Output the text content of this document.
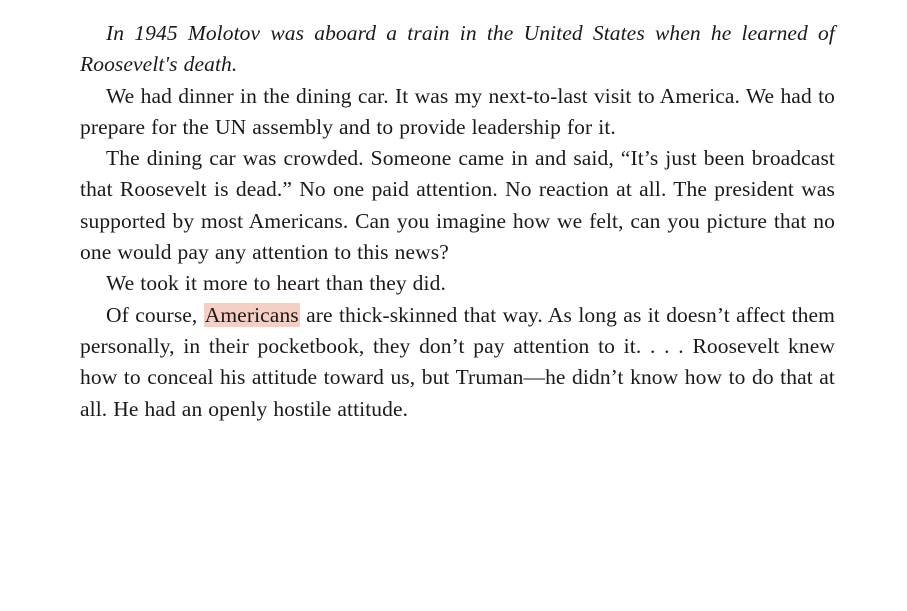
In 1945 Molotov was aboard a train in the United States when he learned of Roosevelt's death.

We had dinner in the dining car. It was my next-to-last visit to America. We had to prepare for the UN assembly and to provide leadership for it.

The dining car was crowded. Someone came in and said, “It’s just been broadcast that Roosevelt is dead.” No one paid attention. No reaction at all. The president was supported by most Americans. Can you imagine how we felt, can you picture that no one would pay any attention to this news?

We took it more to heart than they did.

Of course, Americans are thick-skinned that way. As long as it doesn’t affect them personally, in their pocketbook, they don’t pay attention to it. . . . Roosevelt knew how to conceal his attitude toward us, but Truman—he didn’t know how to do that at all. He had an openly hostile attitude.
